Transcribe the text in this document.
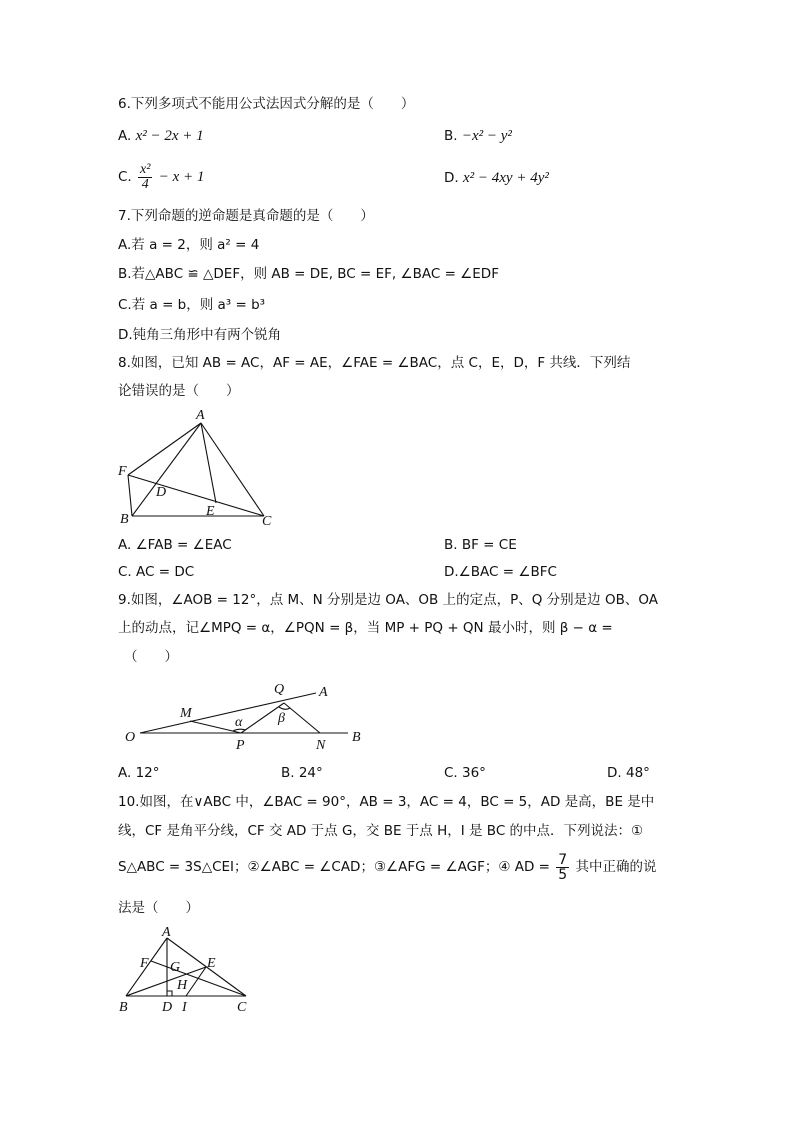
6.下列多项式不能用公式法因式分解的是（　　）
A. x² − 2x + 1	B. −x² − y²
C. $\frac{\text{x²}}{4} - x + 1$	D. x² − 4xy + 4y²
7.下列命题的逆命题是真命题的是（　　）
A.若 a = 2，则 a² = 4
B.若△ABC ≌ △DEF，则 AB = DE, BC = EF, ∠BAC = ∠EDF
C.若 a = b，则 a³ = b³
D.钝角三角形中有两个锐角
8.如图，已知 AB = AC，AF = AE，∠FAE = ∠BAC，点 C，E，D，F 共线．下列结
论错误的是（　　）
A
F
D
B
E
C
A. ∠FAB = ∠EAC	B. BF = CE
C. AC = DC	D.∠BAC = ∠BFC
9.如图，∠AOB = 12°，点 M、N 分别是边 OA、OB 上的定点，P、Q 分别是边 OB、OA
上的动点，记∠MPQ = α，∠PQN = β，当 MP + PQ + QN 最小时，则 β − α =
（　　）
Q A
M
α	β
O
P	N
B
A. 12°	B. 24°	C. 36°	D. 48°
10.如图，在∨ABC 中，∠BAC = 90°，AB = 3，AC = 4，BC = 5，AD 是高，BE 是中
线，CF 是角平分线，CF 交 AD 于点 G，交 BE 于点 H，I 是 BC 的中点．下列说法：①
S△ABC = 3S△CEI；②∠ABC = ∠CAD；③∠AFG = ∠AGF；④ AD = $\frac{7}{5}$ 其中正确的说
法是（　　）
A
F G E
H
B D I	C
